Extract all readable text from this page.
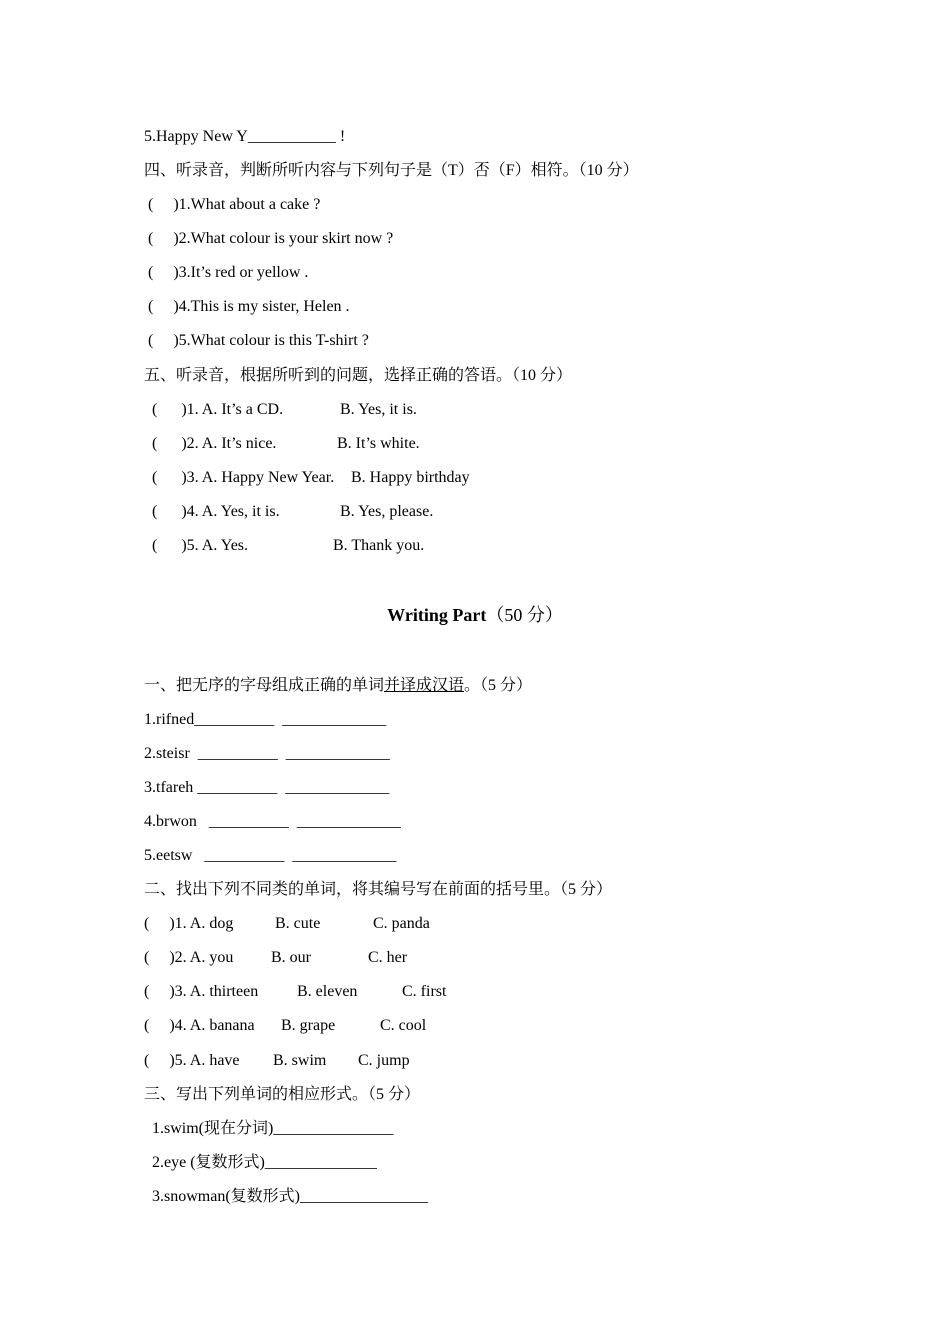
5.Happy New Y___________ !
四、听录音，判断所听内容与下列句子是（T）否（F）相符。（10 分）
(     )1.What about a cake ?
(     )2.What colour is your skirt now ?
(     )3.It’s red or yellow .
(     )4.This is my sister, Helen .
(     )5.What colour is this T-shirt ?
五、听录音，根据所听到的问题，选择正确的答语。（10 分）
(      )1. A. It’s a CD.	B. Yes, it is.
(      )2. A. It’s nice.	B. It’s white.
(      )3. A. Happy New Year. B. Happy birthday
(      )4. A. Yes, it is.	B. Yes, please.
(      )5. A. Yes.	B. Thank you.
Writing Part（50 分）
一、把无序的字母组成正确的单词并译成汉语。（5 分）
1.rifned__________  _____________
2.steisr  __________  _____________
3.tfareh __________  _____________
4.brwon   __________  _____________
5.eetsw   __________  _____________
二、找出下列不同类的单词，将其编号写在前面的括号里。（5 分）
(     )1. A. dog	B. cute	C. panda
(     )2. A. you B. our	C. her
(     )3. A. thirteen B. eleven	C. first
(     )4. A. banana B. grape	C. cool
(     )5. A. have B. swim C. jump
三、写出下列单词的相应形式。（5 分）
1.swim(现在分词)_______________
2.eye (复数形式)______________
3.snowman(复数形式)________________
